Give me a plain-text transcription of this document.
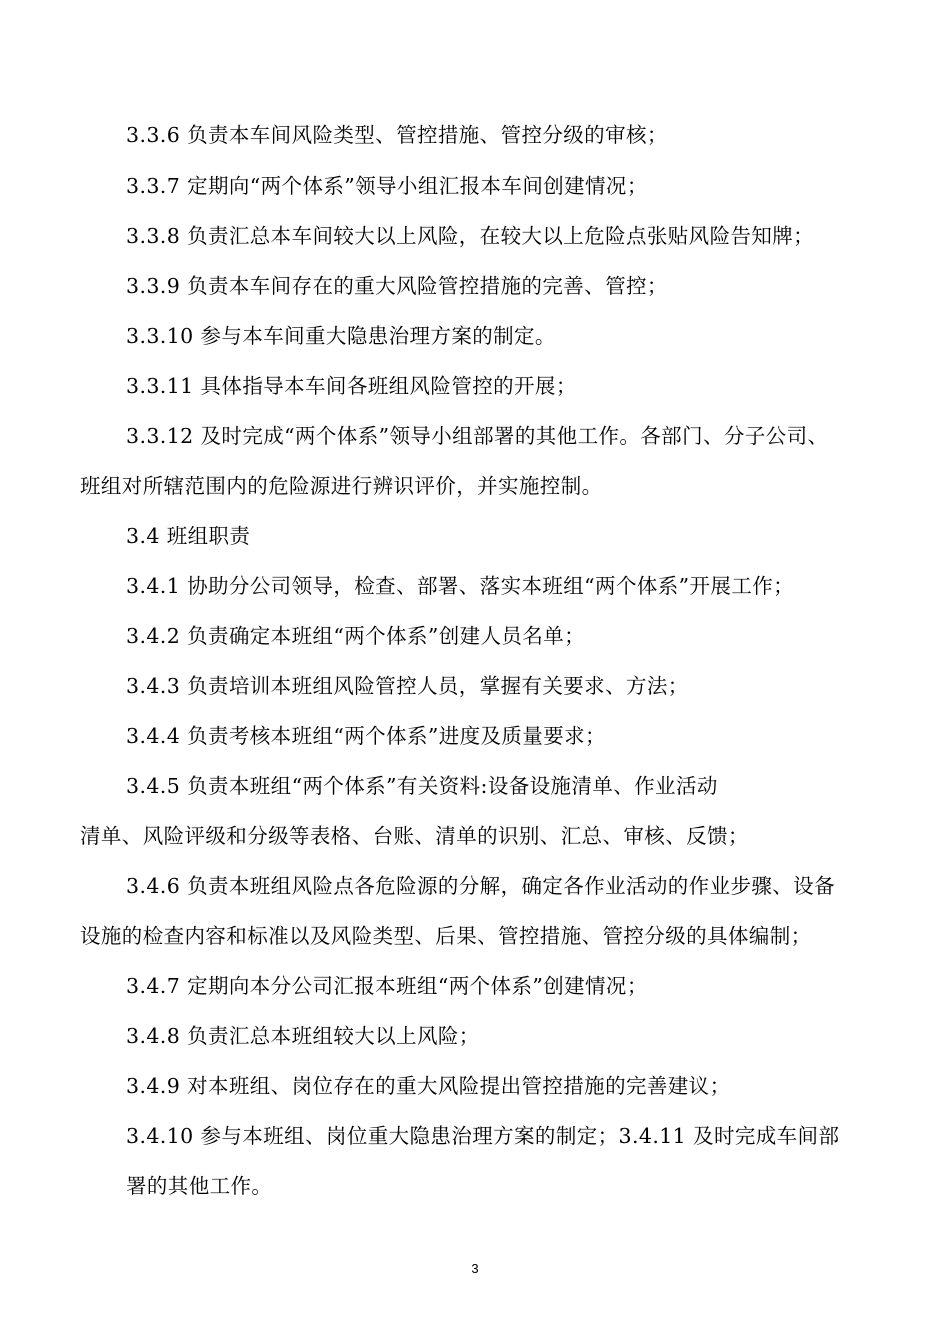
3.3.6 负责本车间风险类型、管控措施、管控分级的审核；
3.3.7 定期向“两个体系”领导小组汇报本车间创建情况；
3.3.8 负责汇总本车间较大以上风险，在较大以上危险点张贴风险告知牌；
3.3.9 负责本车间存在的重大风险管控措施的完善、管控；
3.3.10 参与本车间重大隐患治理方案的制定。
3.3.11 具体指导本车间各班组风险管控的开展；
3.3.12 及时完成“两个体系”领导小组部署的其他工作。各部门、分子公司、
班组对所辖范围内的危险源进行辨识评价，并实施控制。
3.4 班组职责
3.4.1 协助分公司领导，检查、部署、落实本班组“两个体系”开展工作；
3.4.2 负责确定本班组“两个体系”创建人员名单；
3.4.3 负责培训本班组风险管控人员，掌握有关要求、方法；
3.4.4 负责考核本班组“两个体系”进度及质量要求；
3.4.5 负责本班组“两个体系”有关资料:设备设施清单、作业活动
清单、风险评级和分级等表格、台账、清单的识别、汇总、审核、反馈；
3.4.6 负责本班组风险点各危险源的分解，确定各作业活动的作业步骤、设备
设施的检查内容和标准以及风险类型、后果、管控措施、管控分级的具体编制；
3.4.7 定期向本分公司汇报本班组“两个体系”创建情况；
3.4.8 负责汇总本班组较大以上风险；
3.4.9 对本班组、岗位存在的重大风险提出管控措施的完善建议；
3.4.10 参与本班组、岗位重大隐患治理方案的制定；3.4.11 及时完成车间部
署的其他工作。
3
